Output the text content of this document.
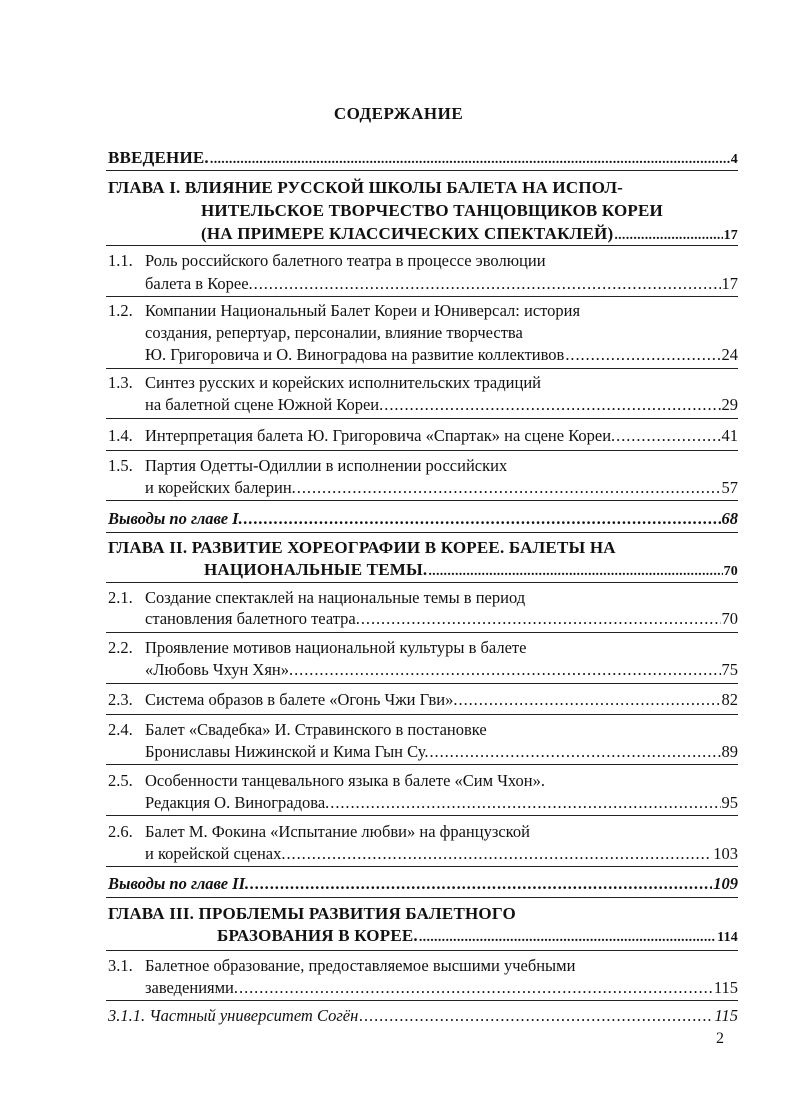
СОДЕРЖАНИЕ
ВВЕДЕНИЕ. . . .	4
ГЛАВА I. ВЛИЯНИЕ РУССКОЙ ШКОЛЫ БАЛЕТА НА ИСПОЛ-
НИТЕЛЬСКОЕ ТВОРЧЕСТВО ТАНЦОВЩИКОВ КОРЕИ
(НА ПРИМЕРЕ КЛАССИЧЕСКИХ СПЕКТАКЛЕЙ) . . .	17
1.1. Роль российского балетного театра в процессе эволюции
балета в Корее. . . .	17
1.2. Компании Национальный Балет Кореи и Юниверсал: история
создания, репертуар, персоналии, влияние творчества
Ю. Григоровича и О. Виноградова на развитие коллективов . . .	24
1.3. Синтез русских и корейских исполнительских традиций
на балетной сцене Южной Кореи. . . .	29
1.4. Интерпретация балета Ю. Григоровича «Спартак» на сцене Кореи. . . .	41
1.5. Партия Одетты-Одиллии в исполнении российских
и корейских балерин. . . .	57
Выводы по главе I. . . .	68
ГЛАВА II. РАЗВИТИЕ ХОРЕОГРАФИИ В КОРЕЕ. БАЛЕТЫ НА
НАЦИОНАЛЬНЫЕ ТЕМЫ. . . .	70
2.1. Создание спектаклей на национальные темы в период
становления балетного театра. . . .	70
2.2. Проявление мотивов национальной культуры в балете
«Любовь Чхун Хян». . . .	75
2.3. Система образов в балете «Огонь Чжи Гви». . . .	82
2.4. Балет «Свадебка» И. Стравинского в постановке
Брониславы Нижинской и Кима Гын Су. . . .	89
2.5. Особенности танцевального языка в балете «Сим Чхон».
Редакция О. Виноградова. . . .	95
2.6. Балет М. Фокина «Испытание любви» на французской
и корейской сценах. . . .	103
Выводы по главе II. . . .	109
ГЛАВА III. ПРОБЛЕМЫ РАЗВИТИЯ БАЛЕТНОГО
БРАЗОВАНИЯ В КОРЕЕ. . . .	114
3.1. Балетное образование, предоставляемое высшими учебными
заведениями. . . .	115
3.1.1. Частный университет Согён . . .	115
2
